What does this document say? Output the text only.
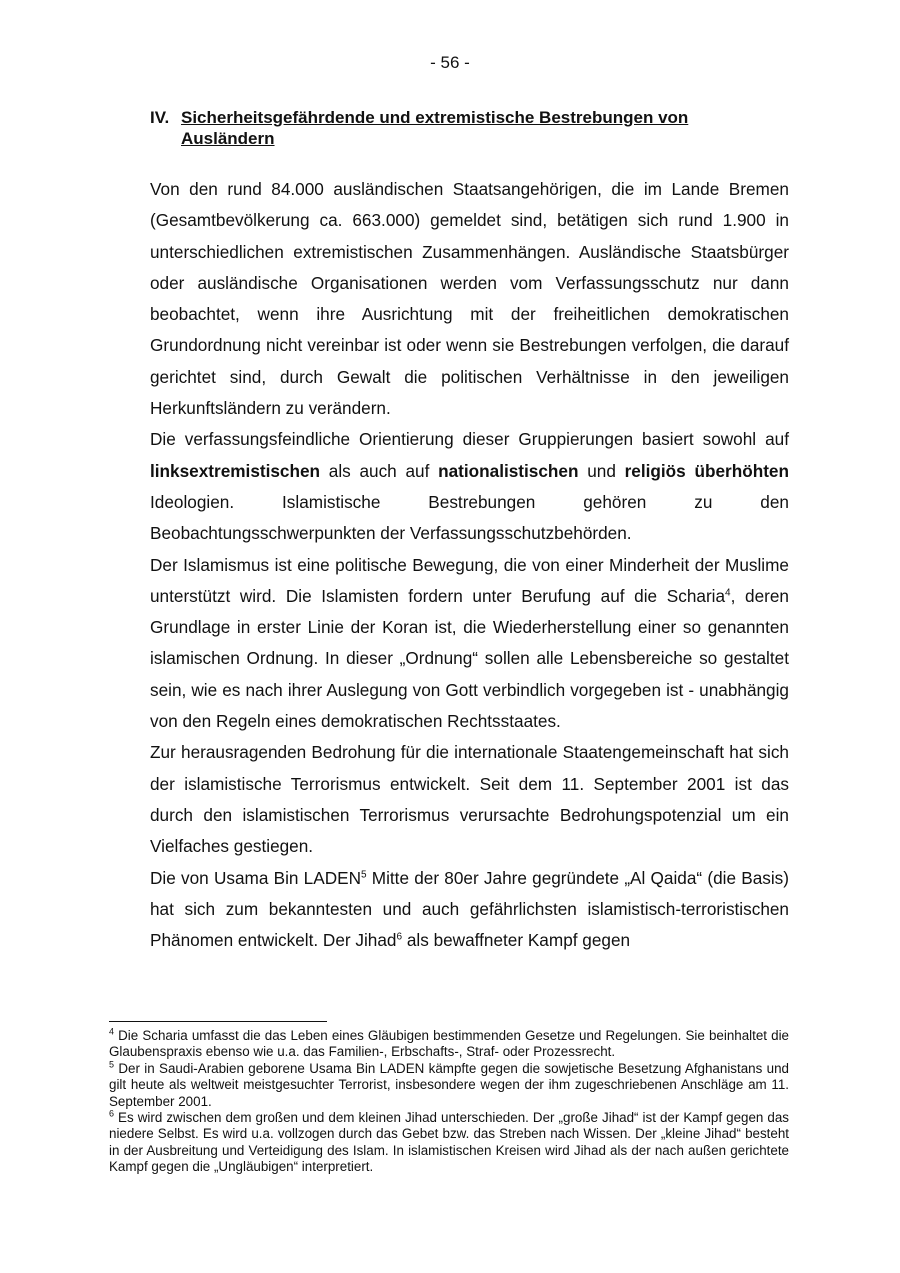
- 56 -
IV. Sicherheitsgefährdende und extremistische Bestrebungen von Ausländern

Von den rund 84.000 ausländischen Staatsangehörigen, die im Lande Bremen (Gesamtbevölkerung ca. 663.000) gemeldet sind, betätigen sich rund 1.900 in unterschiedlichen extremistischen Zusammenhängen. Ausländische Staatsbürger oder ausländische Organisationen werden vom Verfassungsschutz nur dann beobachtet, wenn ihre Ausrichtung mit der freiheitlichen demokratischen Grundordnung nicht vereinbar ist oder wenn sie Bestrebungen verfolgen, die darauf gerichtet sind, durch Gewalt die politischen Verhältnisse in den jeweiligen Herkunftsländern zu verändern.

Die verfassungsfeindliche Orientierung dieser Gruppierungen basiert sowohl auf linksextremistischen als auch auf nationalistischen und religiös überhöhten Ideologien. Islamistische Bestrebungen gehören zu den Beobachtungsschwerpunkten der Verfassungsschutzbehörden.

Der Islamismus ist eine politische Bewegung, die von einer Minderheit der Muslime unterstützt wird. Die Islamisten fordern unter Berufung auf die Scharia$^4$, deren Grundlage in erster Linie der Koran ist, die Wiederherstellung einer so genannten islamischen Ordnung. In dieser „Ordnung“ sollen alle Lebensbereiche so gestaltet sein, wie es nach ihrer Auslegung von Gott verbindlich vorgegeben ist - unabhängig von den Regeln eines demokratischen Rechtsstaates.

Zur herausragenden Bedrohung für die internationale Staatengemeinschaft hat sich der islamistische Terrorismus entwickelt. Seit dem 11. September 2001 ist das durch den islamistischen Terrorismus verursachte Bedrohungspotenzial um ein Vielfaches gestiegen.

Die von Usama Bin LADEN$^5$ Mitte der 80er Jahre gegründete „Al Qaida“ (die Basis) hat sich zum bekanntesten und auch gefährlichsten islamistisch-terroristischen Phänomen entwickelt. Der Jihad$^6$ als bewaffneter Kampf gegen

$^4$ Die Scharia umfasst die das Leben eines Gläubigen bestimmenden Gesetze und Regelungen. Sie beinhaltet die Glaubenspraxis ebenso wie u.a. das Familien-, Erbschafts-, Straf- oder Prozessrecht.

$^5$ Der in Saudi-Arabien geborene Usama Bin LADEN kämpfte gegen die sowjetische Besetzung Afghanistans und gilt heute als weltweit meistgesuchter Terrorist, insbesondere wegen der ihm zugeschriebenen Anschläge am 11. September 2001.

$^6$ Es wird zwischen dem großen und dem kleinen Jihad unterschieden. Der „große Jihad“ ist der Kampf gegen das niedere Selbst. Es wird u.a. vollzogen durch das Gebet bzw. das Streben nach Wissen. Der „kleine Jihad“ besteht in der Ausbreitung und Verteidigung des Islam. In islamistischen Kreisen wird Jihad als der nach außen gerichtete Kampf gegen die „Ungläubigen“ interpretiert.
